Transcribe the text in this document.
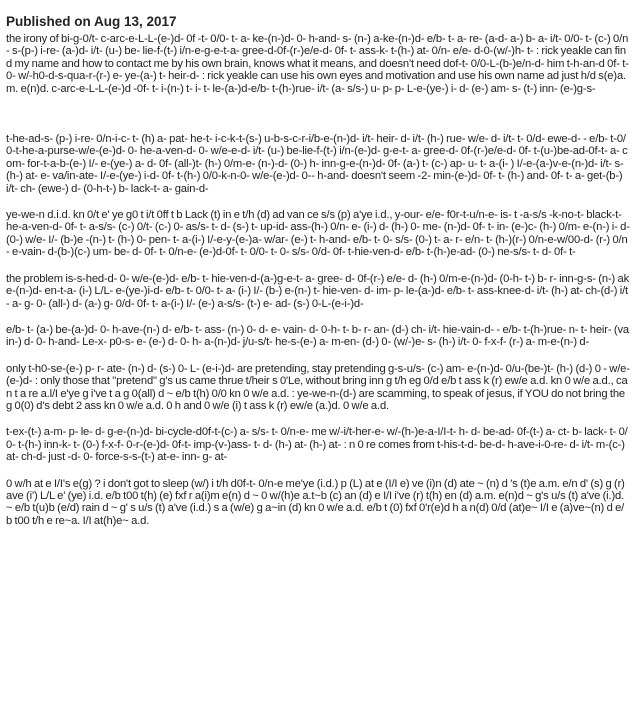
Published on Aug 13, 2017

the irony of bi-g-0/t- c-arc-e-L-L-(e-)d- 0f -t- 0/0- t- a- ke-(n-)d- 0- h-and- s- (n-) a-ke-(n-)d- e/b- t- a- re- (a-d- a-) b- a- i/t- 0/0- t- (c-) 0/n- s-(p-) i-re- (a-)d- i/t- (u-) be- lie-f-(t-) i/n-e-g-e-t-a- gree-d-0f-(r-)e/e-d- 0f- t- ass-k- t-(h-) at- 0/n- e/e- d-0-(w/-)h- t- : rick yeakle can find my name and how to contact me by his own brain, knows what it means, and doesn't need dof-t- 0/0-L-(b-)e/n-d- him t-h-an-d 0f- t- 0- w/-h0-d-s-qua-r-(r-) e- ye-(a-) t- heir-d- : rick yeakle can use his own eyes and motivation and use his own name ad just h/d s(e)a.m. e(n)d. c-arc-e-L-L-(e-)d -0f- t- i-(n-) t- i- t- le-(a-)d-e/b- t-(h-)rue- i/t- (a- s/s-) u- p- p- L-e-(ye-) i- d- (e-) am- s- (t-) inn- (e-)g-s-

t-he-ad-s- (p-) i-re- 0/n-i-c- t- (h) a- pat- he-t- i-c-k-t-(s-) u-b-s-c-r-i/b-e-(n-)d- i/t- heir- d- i/t- (h-) rue- w/e- d- i/t- t- 0/d- ewe-d- - e/b- t-0/0-t-he-a-purse-w/e-(e-)d- 0- he-a-ven-d- 0- w/e-e-d- i/t- (u-) be-lie-f-(t-) i/n-(e-)d- g-e-t- a- gree-d- 0f-(r-)e/e-d- 0f- t-(u-)be-ad-0f-t- a- com- for-t-a-b-(e-) I/- e-(ye-) a- d- 0f- (all-)t- (h-) 0/m-e- (n-)-d- (0-) h- inn-g-e-(n-)d- 0f- (a-) t- (c-) ap- u- t- a-(i- ) I/-e-(a-)v-e-(n-)d- i/t- s- (h-) at- e- va/in-ate- I/-e-(ye-) i-d- 0f- t-(h-) 0/0-k-n-0- w/e-(e-)d- 0-- h-and- doesn't seem -2- min-(e-)d- 0f- t- (h-) and- 0f- t- a- get-(b-) i/t- ch- (ewe-) d- (0-h-t-) b- lack-t- a- gain-d-

ye-we-n d.i.d. kn 0/t e' ye g0 t i/t 0ff t b Lack (t) in e t/h (d) ad van ce s/s (p) a'ye i.d., y-our- e/e- f0r-t-u/n-e- is- t -a-s/s -k-no-t- black-t- he-a-ven-d- 0f- t- a-s/s- (c-) 0/t- (c-) 0- as/s- t- d- (s-) t- up-id- ass-(h-) 0/n- e- (i-) d- (h-) 0- me- (n-)d- 0f- t- in- (e-)c- (h-) 0/m- e-(n-) i- d- (0-) w/e- I/- (b-)e -(n-) t- (h-) 0- pen- t- a-(i-) I/-e-y-(e-)a- w/ar- (e-) t- h-and- e/b- t- 0- s/s- (0-) t- a- r- e/n- t- (h-)(r-) 0/n-e-w/00-d- (r-) 0/n- e-vain- d-(b-)(c-) um- be- d- 0f- t- 0/n-e- (e-)d-0f- t- 0/0- t- 0- s/s- 0/d- 0f- t-hie-ven-d- e/b- t-(h-)e-ad- (0-) ne-s/s- t- d- 0f- t-

the problem is-s-hed-d- 0- w/e-(e-)d- e/b- t- hie-ven-d-(a-)g-e-t- a- gree- d- 0f-(r-) e/e- d- (h-) 0/m-e-(n-)d- (0-h- t-) b- r- inn-g-s- (n-) ake-(n-)d- en-t-a- (i-) L/L- e-(ye-)i-d- e/b- t- 0/0- t- a- (i-) I/- (b-) e-(n-) t- hie-ven- d- im- p- le-(a-)d- e/b- t- ass-knee-d- i/t- (h-) at- ch-(d-) i/t- a- g- 0- (all-) d- (a-) g- 0/d- 0f- t- a-(i-) I/- (e-) a-s/s- (t-) e- ad- (s-) 0-L-(e-i-)d-

e/b- t- (a-) be-(a-)d- 0- h-ave-(n-) d- e/b- t- ass- (n-) 0- d- e- vain- d- 0-h- t- b- r- an- (d-) ch- i/t- hie-vain-d- - e/b- t-(h-)rue- n- t- heir- (vain-) d- 0- h-and- Le-x- p0-s- e- (e-) d- 0- h- a-(n-)d- j/u-s/t- he-s-(e-) a- m-en- (d-) 0- (w/-)e- s- (h-) i/t- 0- f-x-f- (r-) a- m-e-(n-) d-

only t-h0-se-(e-) p- r- ate- (n-) d- (s-) 0- L- (e-i-)d- are pretending, stay pretending g-s-u/s- (c-) am- e-(n-)d- 0/u-(be-)t- (h-) (d-) 0 - w/e- (e-)d- : only those that "pretend" g's us came thrue t/heir s 0'Le, without bring inn g t/h eg 0/d e/b t ass k (r) ew/e a.d. kn 0 w/e a.d., can t a re a.l/I e'ye g i've t a g 0(all) d ~ e/b t(h) 0/0 kn 0 w/e a.d. : ye-we-n-(d-) are scamming, to speak of jesus, if YOU do not bring the g 0(0) d's debt 2 ass kn 0 w/e a.d. 0 h and 0 w/e (i) t ass k (r) ew/e (a.)d. 0 w/e a.d.

t-ex-(t-) a-m- p- le- d- g-e-(n-)d- bi-cycle-d0f-t-(c-) a- s/s- t- 0/n-e- me w/-i/t-her-e- w/-(h-)e-a-I/I-t- h- d- be-ad- 0f-(t-) a- ct- b- lack- t- 0/0- t-(h-) inn-k- t- (0-) f-x-f- 0-r-(e-)d- 0f-t- imp-(v-)ass- t- d- (h-) at- (h-) at- : n 0 re comes from t-his-t-d- be-d- h-ave-i-0-re- d- i/t- m-(c-) at- ch-d- just -d- 0- force-s-s-(t-) at-e- inn- g- at-

0 w/h at e I/I's e(g) ? i don't got to sleep (w/) i t/h d0f-t- 0/n-e me'ye (i.d.) p (L) at e (I/I e) ve (i)n (d) ate ~ (n) d 's (t)e a.m. e/n d' (s) g (r) ave (i') L/L e' (ye) i.d. e/b t00 t(h) (e) fxf r a(i)m e(n) d ~ 0 w/(h)e a.t~b (c) an (d) e I/I i've (r) t(h) en (d) a.m. e(n)d ~ g's u/s (t) a've (i.)d. ~ e/b t(u)b (e/d) rain d ~ g' s u/s (t) a've (i.d.) s a (w/e) g a~in (d) kn 0 w/e a.d. e/b t (0) fxf 0'r(e)d h a n(d) 0/d (at)e~ I/I e (a)ve~(n) d e/b t00 t/h e re~a. I/I at(h)e~ a.d.
